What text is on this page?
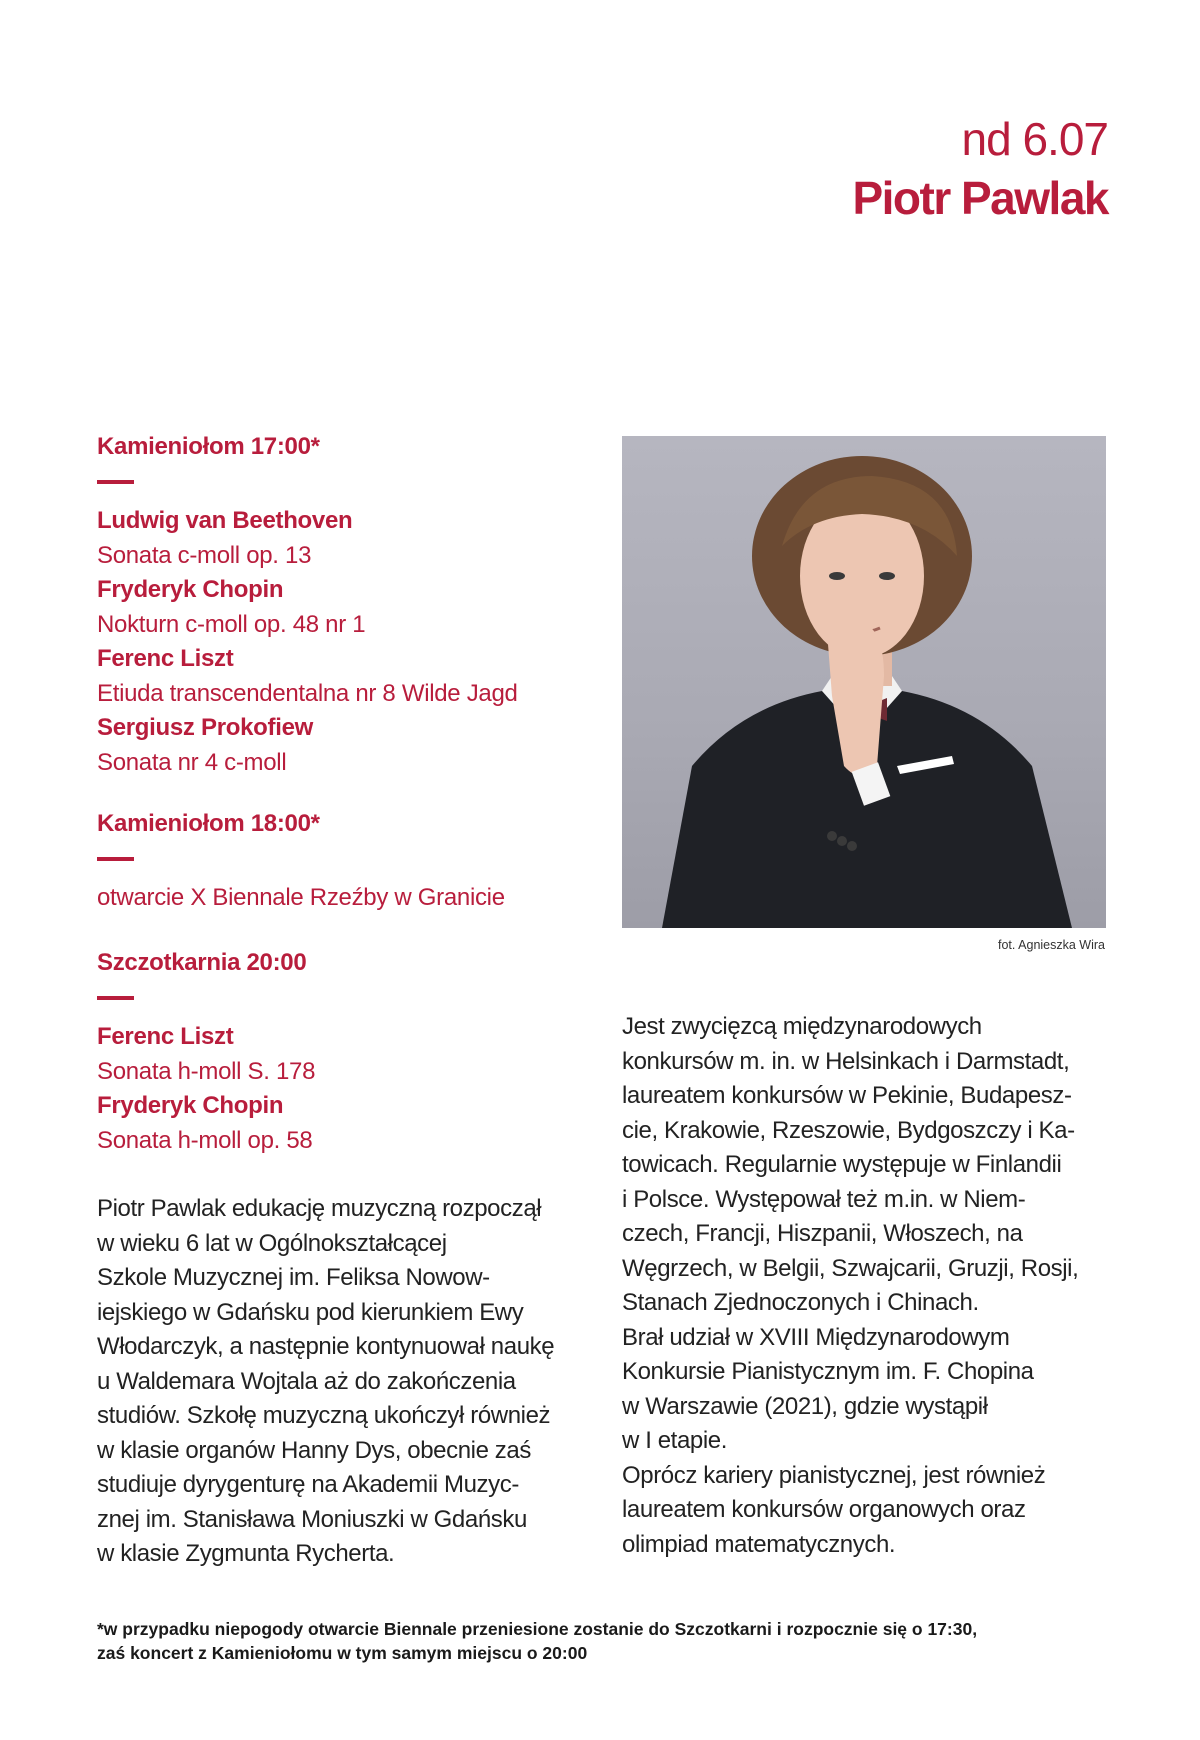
nd 6.07
Piotr Pawlak
Kamieniołom 17:00*
Ludwig van Beethoven
Sonata c-moll op. 13
Fryderyk Chopin
Nokturn c-moll op. 48 nr 1
Ferenc Liszt
Etiuda transcendentalna nr 8 Wilde Jagd
Sergiusz Prokofiew
Sonata nr 4 c-moll
Kamieniołom 18:00*
otwarcie X Biennale Rzeźby w Granicie
Szczotkarnia 20:00
Ferenc Liszt
Sonata h-moll S. 178
Fryderyk Chopin
Sonata h-moll op. 58

Piotr Pawlak edukację muzyczną rozpoczął

w wieku 6 lat w Ogólnokształcącej

Szkole Muzycznej im. Feliksa Nowow-

iejskiego w Gdańsku pod kierunkiem Ewy

Włodarczyk, a następnie kontynuował naukę

u Waldemara Wojtala aż do zakończenia

studiów. Szkołę muzyczną ukończył również

w klasie organów Hanny Dys, obecnie zaś

studiuje dyrygenturę na Akademii Muzyc-

znej im. Stanisława Moniuszki w Gdańsku

w klasie Zygmunta Rycherta.

fot. Agnieszka Wira

Jest zwycięzcą międzynarodowych

konkursów m. in. w Helsinkach i Darmstadt,

laureatem konkursów w Pekinie, Budapesz-

cie, Krakowie, Rzeszowie, Bydgoszczy i Ka-

towicach. Regularnie występuje w Finlandii

i Polsce. Występował też m.in. w Niem-

czech, Francji, Hiszpanii, Włoszech, na

Węgrzech, w Belgii, Szwajcarii, Gruzji, Rosji,

Stanach Zjednoczonych i Chinach.

Brał udział w XVIII Międzynarodowym

Konkursie Pianistycznym im. F. Chopina

w Warszawie (2021), gdzie wystąpił

w I etapie.

Oprócz kariery pianistycznej, jest również

laureatem konkursów organowych oraz

olimpiad matematycznych.

*w przypadku niepogody otwarcie Biennale przeniesione zostanie do Szczotkarni i rozpocznie się o 17:30,
zaś koncert z Kamieniołomu w tym samym miejscu o 20:00
